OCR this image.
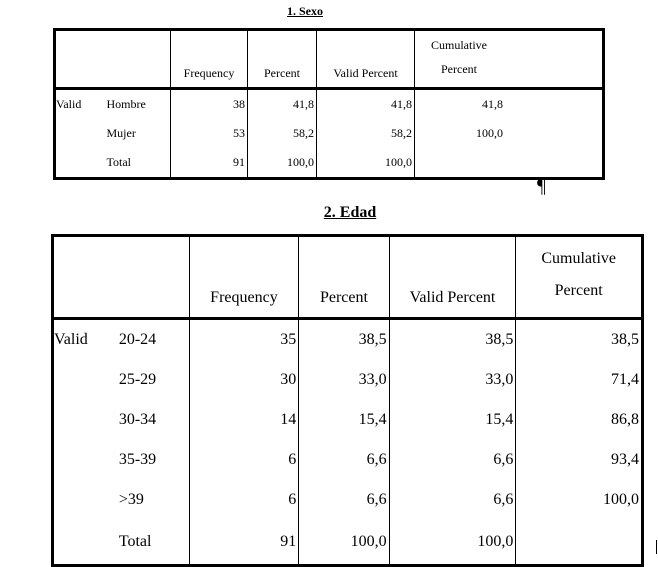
1. Sexo
		Frequency	Percent	Valid Percent	Cumulative
Percent

Valid	Hombre	38	41,8	41,8	41,8

	Mujer	53	58,2	58,2	100,0

	Total	91	100,0	100,0	
¶
2. Edad
		Frequency	Percent	Valid Percent	Cumulative
Percent
Valid	20-24	35	38,5	38,5	38,5
	25-29	30	33,0	33,0	71,4
	30-34	14	15,4	15,4	86,8
	35-39	6	6,6	6,6	93,4
	>39	6	6,6	6,6	100,0
	Total	91	100,0	100,0	
